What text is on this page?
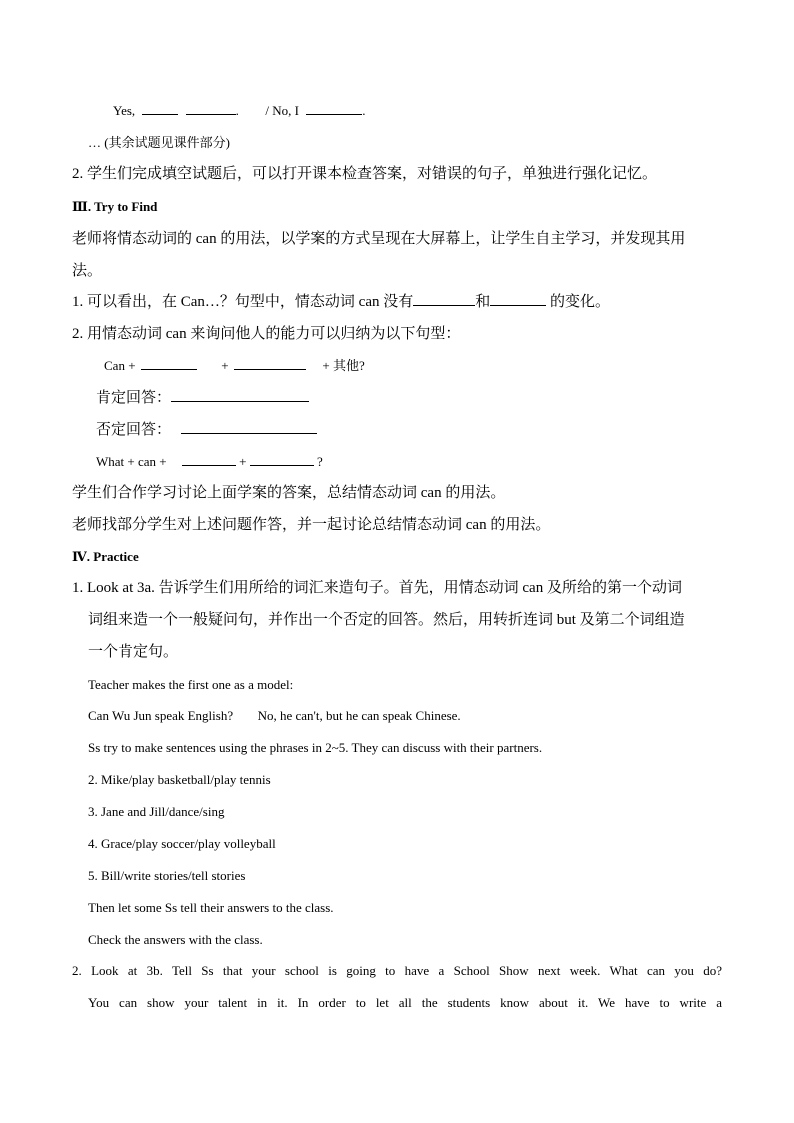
Yes,	. / No, I	.
… (其余试题见课件部分)
2. 学生们完成填空试题后，可以打开课本检查答案，对错误的句子，单独进行强化记忆。
Ⅲ. Try to Find
老师将情态动词的 can 的用法，以学案的方式呈现在大屏幕上，让学生自主学习，并发现其用
法。
1. 可以看出，在 Can…？句型中，情态动词 can 没有	和	的变化。
2. 用情态动词 can 来询问他人的能力可以归纳为以下句型：
Can +	+	+ 其他?
肯定回答：
否定回答：
What + can +	+	?
学生们合作学习讨论上面学案的答案，总结情态动词 can 的用法。
老师找部分学生对上述问题作答，并一起讨论总结情态动词 can 的用法。
Ⅳ. Practice
1. Look at 3a. 告诉学生们用所给的词汇来造句子。首先，用情态动词 can 及所给的第一个动词
词组来造一个一般疑问句，并作出一个否定的回答。然后，用转折连词 but 及第二个词组造
一个肯定句。
Teacher makes the first one as a model:
Can Wu Jun speak English? No, he can't, but he can speak Chinese.
Ss try to make sentences using the phrases in 2~5. They can discuss with their partners.
2. Mike/play basketball/play tennis
3. Jane and Jill/dance/sing
4. Grace/play soccer/play volleyball
5. Bill/write stories/tell stories
Then let some Ss tell their answers to the class.
Check the answers with the class.
2. Look at 3b. Tell Ss that your school is going to have a School Show next week. What can you do?
You can show your talent in it. In order to let all the students know about it. We have to write a
